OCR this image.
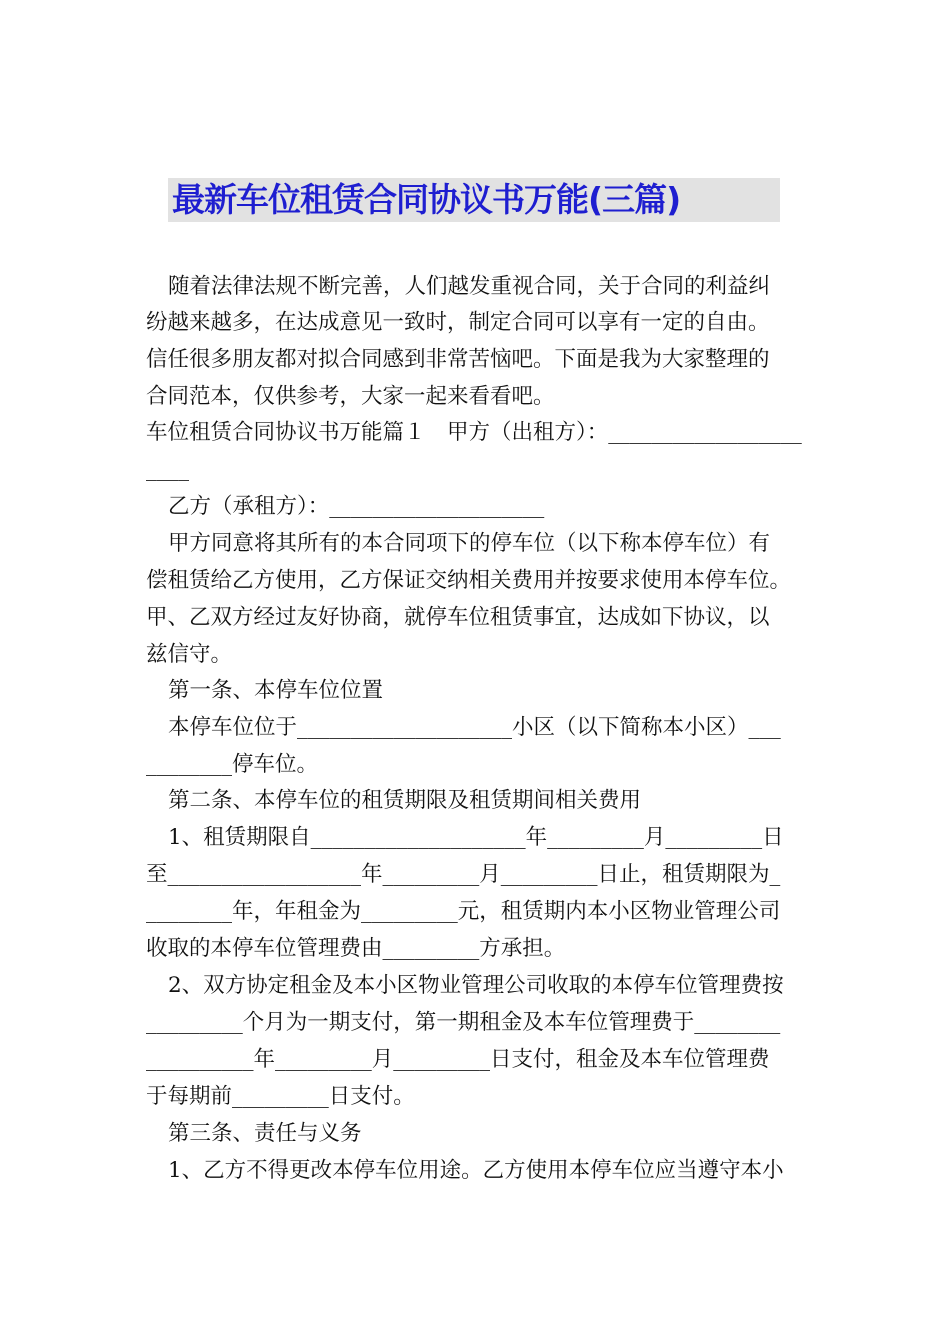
最新车位租赁合同协议书万能(三篇)
随着法律法规不断完善，人们越发重视合同，关于合同的利益纠
纷越来越多，在达成意见一致时，制定合同可以享有一定的自由。
信任很多朋友都对拟合同感到非常苦恼吧。下面是我为大家整理的
合同范本，仅供参考，大家一起来看看吧。
车位租赁合同协议书万能篇１　甲方（出租方）：__________________
____
乙方（承租方）：____________________
甲方同意将其所有的本合同项下的停车位（以下称本停车位）有
偿租赁给乙方使用，乙方保证交纳相关费用并按要求使用本停车位。
甲、乙双方经过友好协商，就停车位租赁事宜，达成如下协议，以
兹信守。
第一条、本停车位位置
本停车位位于____________________小区（以下简称本小区）___
________停车位。
第二条、本停车位的租赁期限及租赁期间相关费用
1、租赁期限自____________________年_________月_________日
至__________________年_________月_________日止，租赁期限为_
________年，年租金为_________元，租赁期内本小区物业管理公司
收取的本停车位管理费由_________方承担。
2、双方协定租金及本小区物业管理公司收取的本停车位管理费按
_________个月为一期支付，第一期租金及本车位管理费于________
__________年_________月_________日支付，租金及本车位管理费
于每期前_________日支付。
第三条、责任与义务
1、乙方不得更改本停车位用途。乙方使用本停车位应当遵守本小
